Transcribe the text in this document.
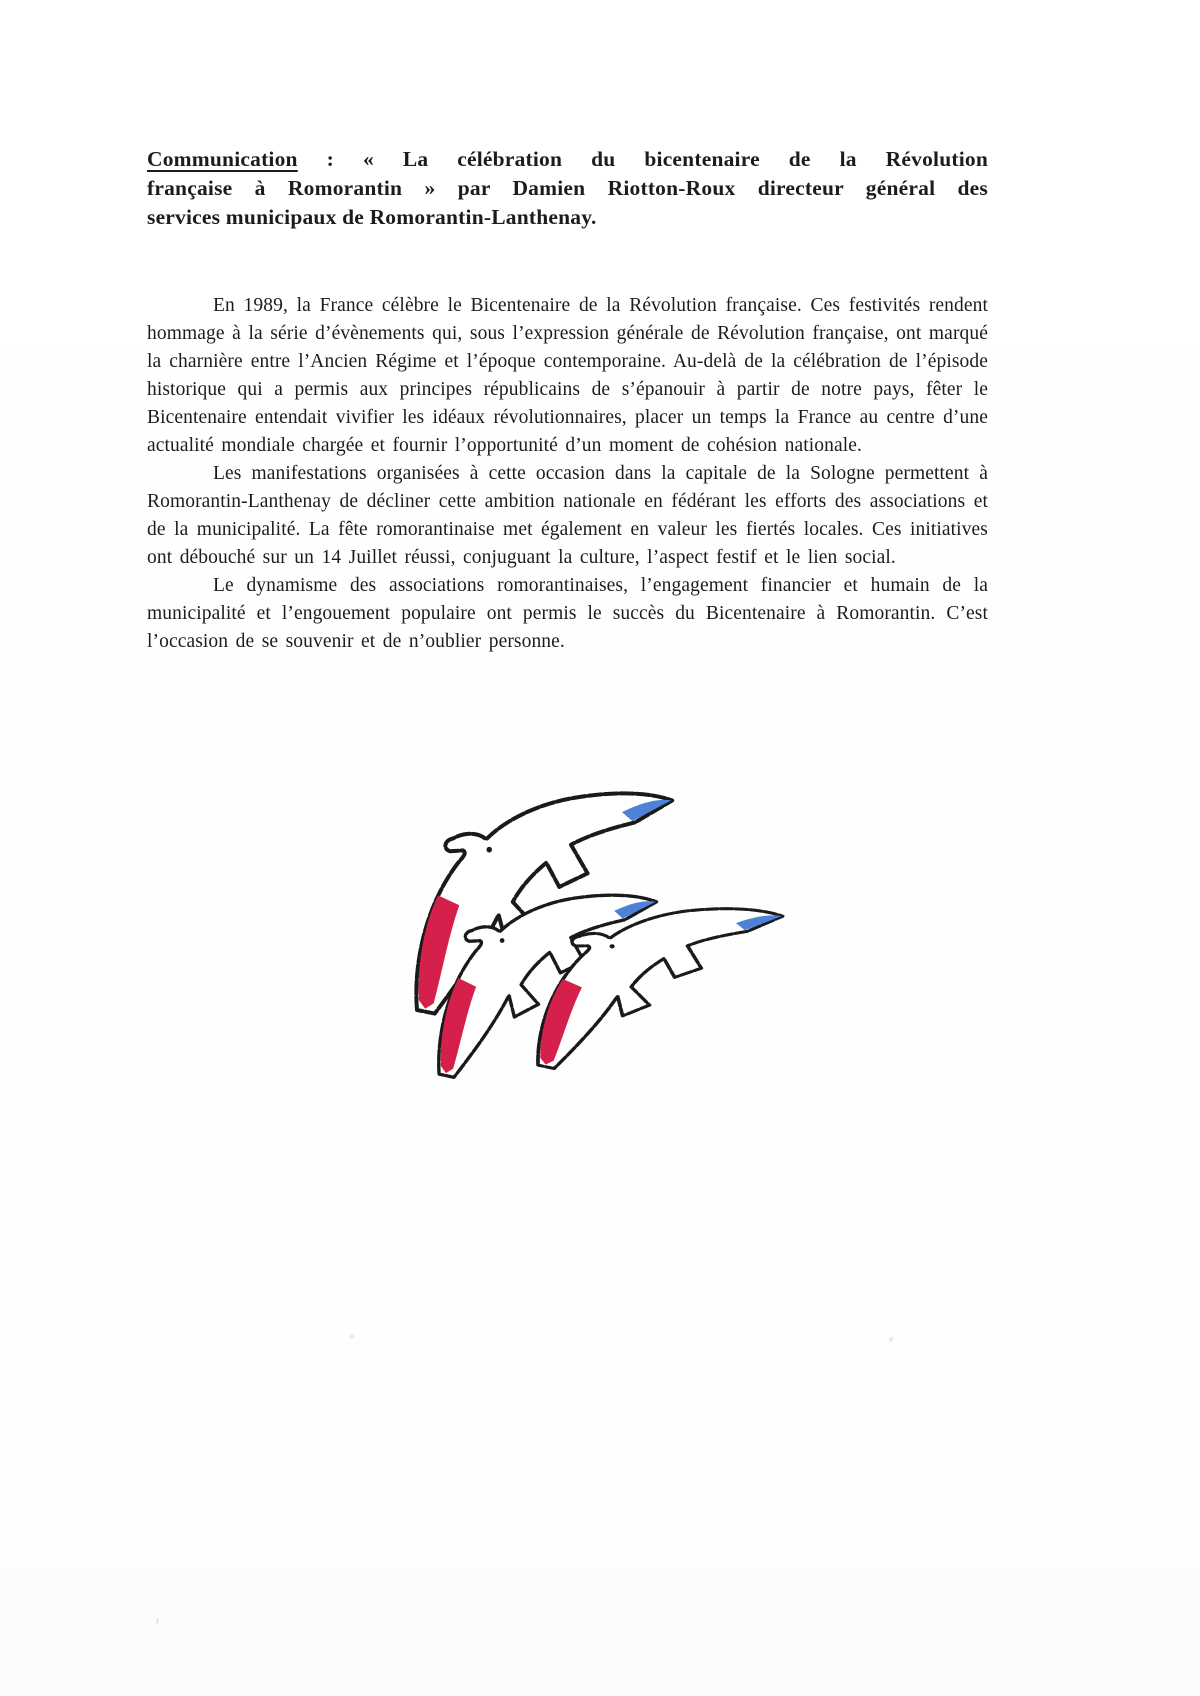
Communication : « La célébration du bicentenaire de la Révolution
française à Romorantin » par Damien Riotton-Roux directeur général des
services municipaux de Romorantin-Lanthenay.

En 1989, la France célèbre le Bicentenaire de la Révolution française. Ces festivités rendent hommage à la série d’évènements qui, sous l’expression générale de Révolution française, ont marqué la charnière entre l’Ancien Régime et l’époque contemporaine. Au-delà de la célébration de l’épisode historique qui a permis aux principes républicains de s’épanouir à partir de notre pays, fêter le Bicentenaire entendait vivifier les idéaux révolutionnaires, placer un temps la France au centre d’une actualité mondiale chargée et fournir l’opportunité d’un moment de cohésion nationale.

Les manifestations organisées à cette occasion dans la capitale de la Sologne permettent à Romorantin-Lanthenay de décliner cette ambition nationale en fédérant les efforts des associations et de la municipalité. La fête romorantinaise met également en valeur les fiertés locales. Ces initiatives ont débouché sur un 14 Juillet réussi, conjuguant la culture, l’aspect festif et le lien social.

Le dynamisme des associations romorantinaises, l’engagement financier et humain de la municipalité et l’engouement populaire ont permis le succès du Bicentenaire à Romorantin. C’est l’occasion de se souvenir et de n’oublier personne.
